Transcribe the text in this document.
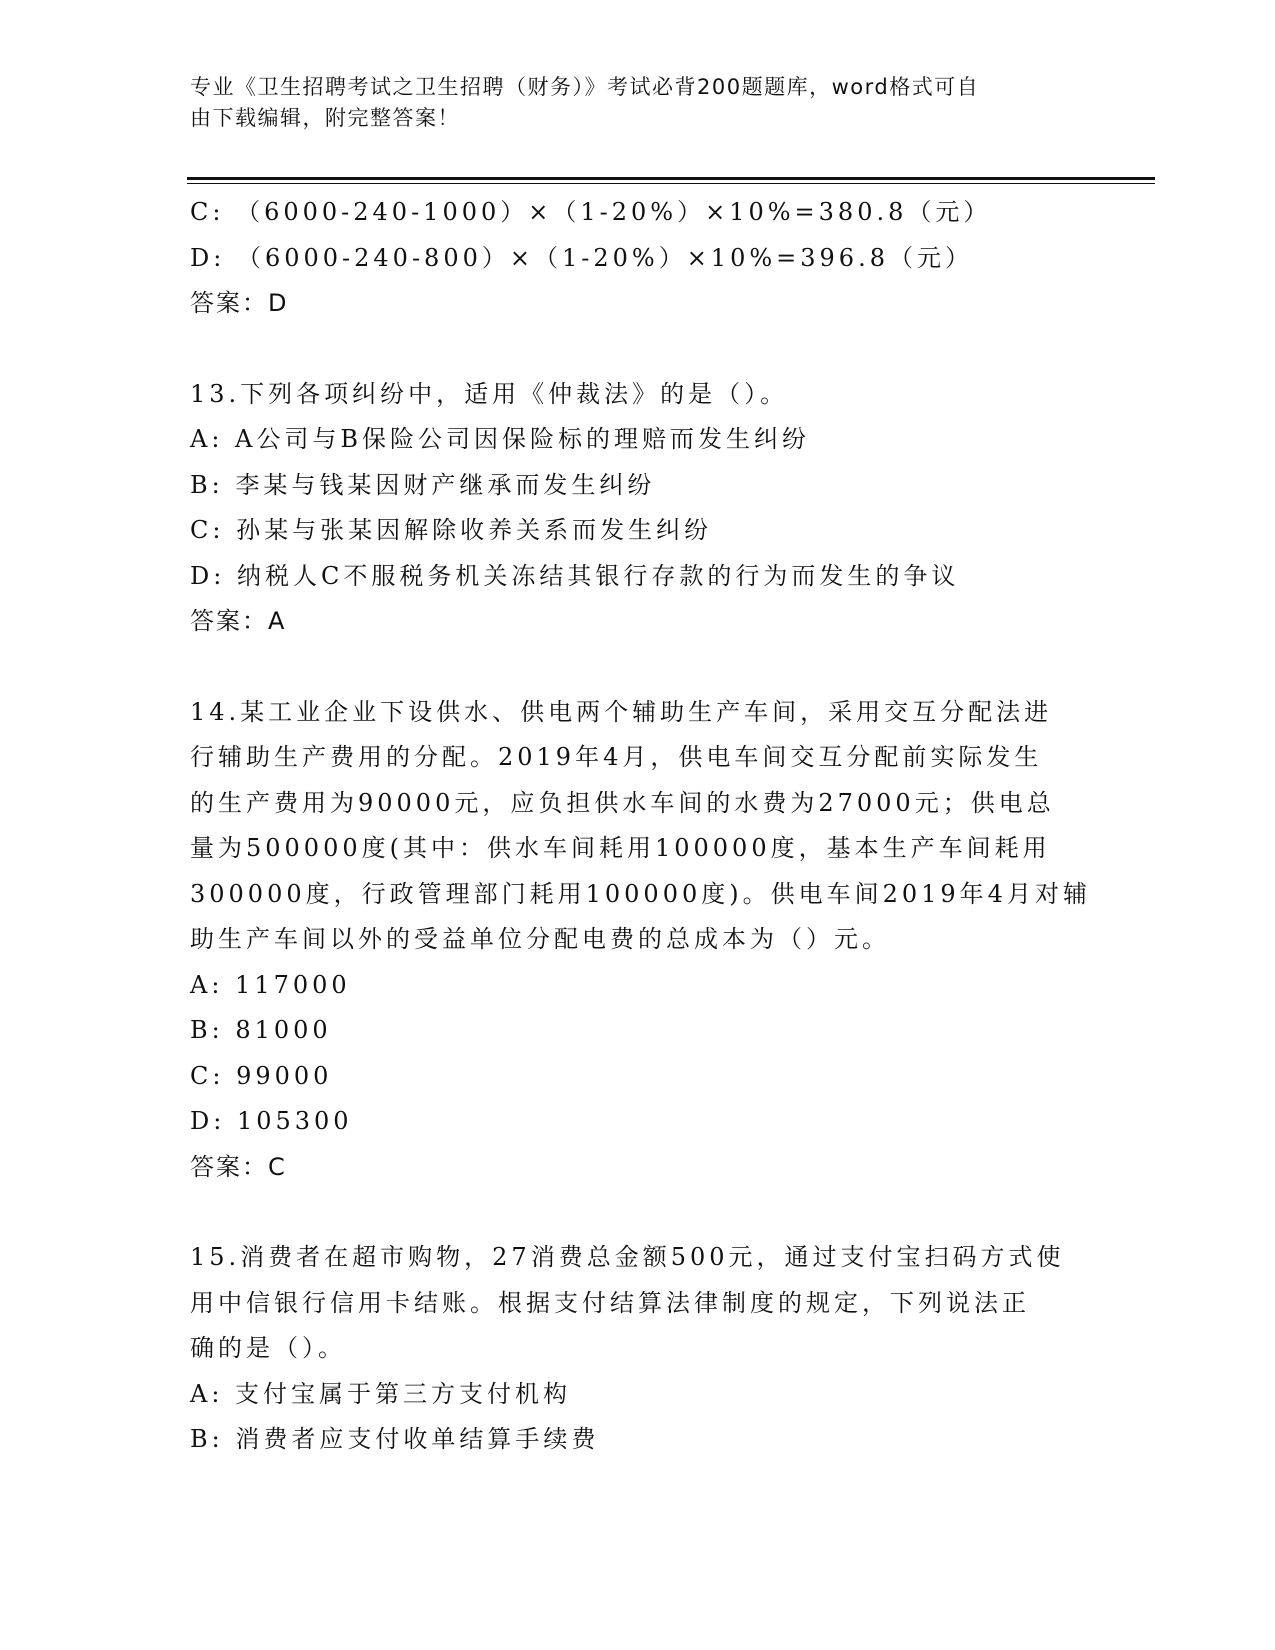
专业《卫生招聘考试之卫生招聘（财务）》考试必背200题题库，word格式可自
由下载编辑，附完整答案！
C: （6000-240-1000）×（1-20%）×10%=380.8（元）
D: （6000-240-800）×（1-20%）×10%=396.8（元）
答案：D
13.下列各项纠纷中，适用《仲裁法》的是（）。
A: A公司与B保险公司因保险标的理赔而发生纠纷
B: 李某与钱某因财产继承而发生纠纷
C: 孙某与张某因解除收养关系而发生纠纷
D: 纳税人C不服税务机关冻结其银行存款的行为而发生的争议
答案：A
14.某工业企业下设供水、供电两个辅助生产车间，采用交互分配法进
行辅助生产费用的分配。2019年4月，供电车间交互分配前实际发生
的生产费用为90000元，应负担供水车间的水费为27000元；供电总
量为500000度(其中：供水车间耗用100000度，基本生产车间耗用
300000度，行政管理部门耗用100000度)。供电车间2019年4月对辅
助生产车间以外的受益单位分配电费的总成本为（）元。
A: 117000
B: 81000
C: 99000
D: 105300
答案：C
15.消费者在超市购物，27消费总金额500元，通过支付宝扫码方式使
用中信银行信用卡结账。根据支付结算法律制度的规定，下列说法正
确的是（）。
A: 支付宝属于第三方支付机构
B: 消费者应支付收单结算手续费
